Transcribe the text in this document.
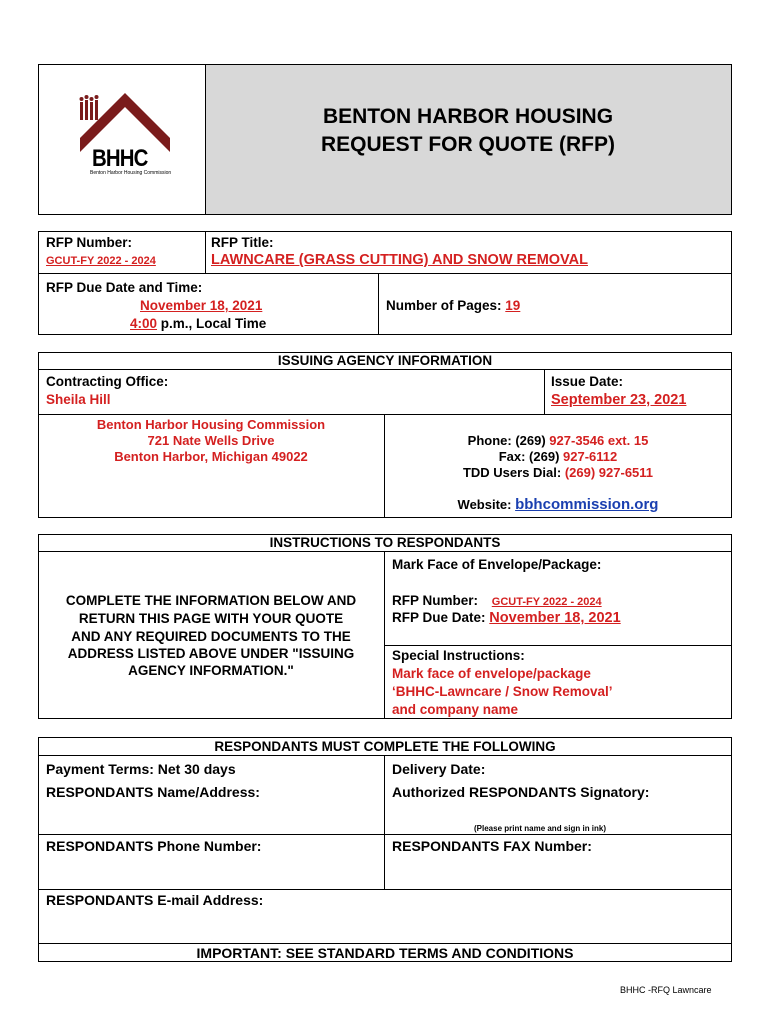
BHHC
Benton Harbor Housing Commission
BENTON HARBOR HOUSING
REQUEST FOR QUOTE (RFP)
RFP Number:
GCUT-FY 2022 - 2024
RFP Title:
LAWNCARE (GRASS CUTTING) AND SNOW REMOVAL
RFP Due Date and Time:
November 18, 2021
4:00 p.m., Local Time
Number of Pages: 19
ISSUING AGENCY INFORMATION
Contracting Office:
Sheila Hill
Issue Date:
September 23, 2021
Benton Harbor Housing Commission
721 Nate Wells Drive
Benton Harbor, Michigan 49022
Phone: (269) 927-3546 ext. 15
Fax: (269) 927-6112
TDD Users Dial: (269) 927-6511
Website: bbhcommission.org
INSTRUCTIONS TO RESPONDANTS
COMPLETE THE INFORMATION BELOW AND
RETURN THIS PAGE WITH YOUR QUOTE
AND ANY REQUIRED DOCUMENTS TO THE
ADDRESS LISTED ABOVE UNDER "ISSUING
AGENCY INFORMATION."
Mark Face of Envelope/Package:
RFP Number: GCUT-FY 2022 - 2024
RFP Due Date: November 18, 2021
Special Instructions:
Mark face of envelope/package
‘BHHC-Lawncare / Snow Removal’
and company name
RESPONDANTS MUST COMPLETE THE FOLLOWING
Payment Terms: Net 30 days	Delivery Date:
RESPONDANTS Name/Address:	Authorized RESPONDANTS Signatory:
(Please print name and sign in ink)
RESPONDANTS Phone Number:	RESPONDANTS FAX Number:
RESPONDANTS E-mail Address:
IMPORTANT: SEE STANDARD TERMS AND CONDITIONS
BHHC -RFQ Lawncare
